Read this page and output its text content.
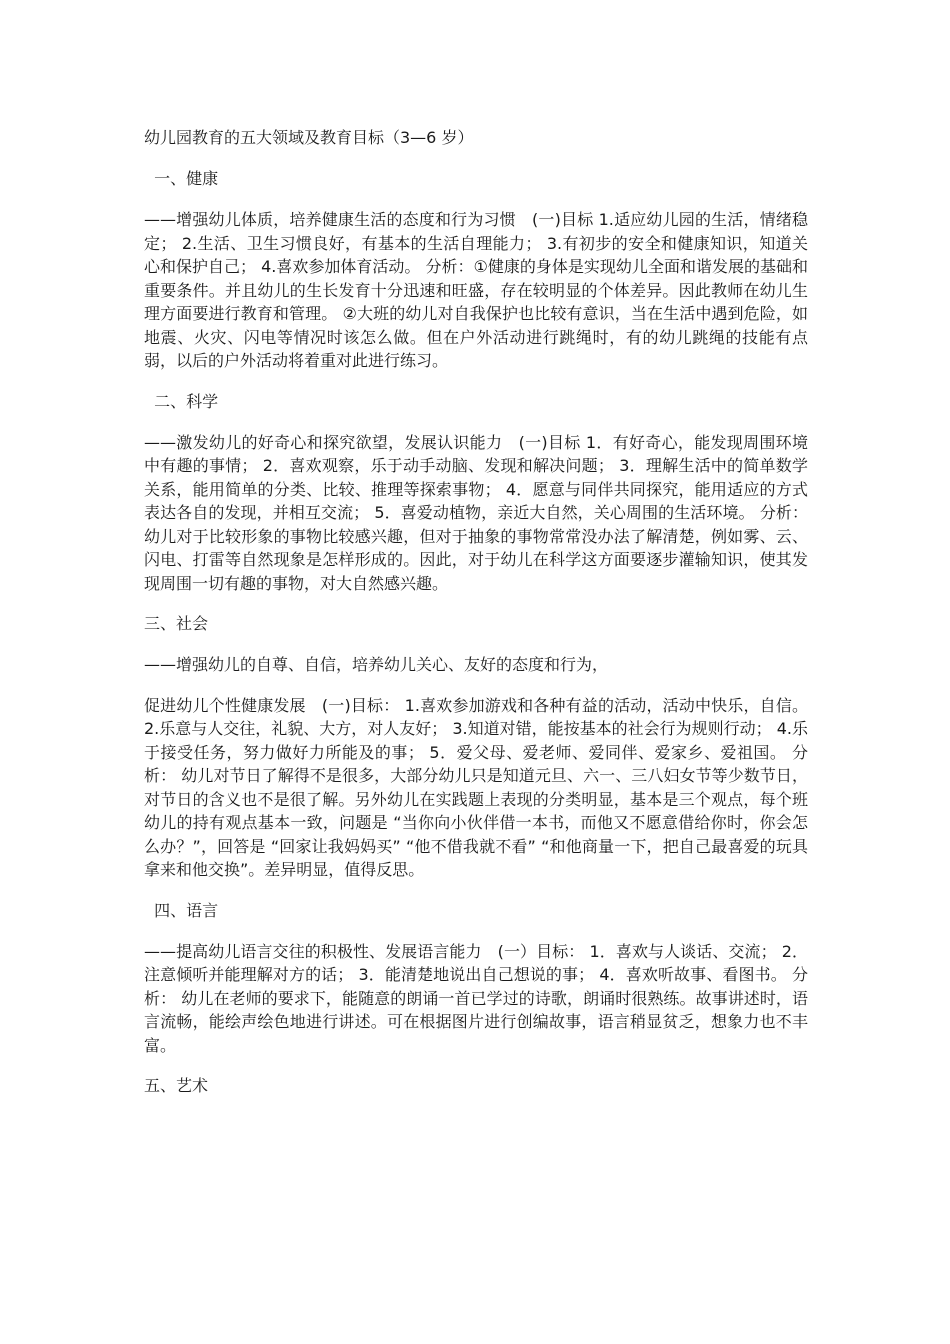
幼儿园教育的五大领域及教育目标（3—6 岁）
一、健康
——增强幼儿体质，培养健康生活的态度和行为习惯　(一)目标 1.适应幼儿园的生活，情绪稳定； 2.生活、卫生习惯良好，有基本的生活自理能力； 3.有初步的安全和健康知识，知道关心和保护自己； 4.喜欢参加体育活动。 分析：①健康的身体是实现幼儿全面和谐发展的基础和重要条件。并且幼儿的生长发育十分迅速和旺盛，存在较明显的个体差异。因此教师在幼儿生理方面要进行教育和管理。 ②大班的幼儿对自我保护也比较有意识，当在生活中遇到危险，如地震、火灾、闪电等情况时该怎么做。但在户外活动进行跳绳时，有的幼儿跳绳的技能有点弱，以后的户外活动将着重对此进行练习。
二、科学
——激发幼儿的好奇心和探究欲望，发展认识能力　(一)目标 1．有好奇心，能发现周围环境中有趣的事情； 2．喜欢观察，乐于动手动脑、发现和解决问题； 3．理解生活中的简单数学关系，能用简单的分类、比较、推理等探索事物； 4．愿意与同伴共同探究，能用适应的方式表达各自的发现，并相互交流； 5．喜爱动植物，亲近大自然，关心周围的生活环境。 分析：幼儿对于比较形象的事物比较感兴趣，但对于抽象的事物常常没办法了解清楚，例如雾、云、闪电、打雷等自然现象是怎样形成的。因此，对于幼儿在科学这方面要逐步灌输知识，使其发现周围一切有趣的事物，对大自然感兴趣。
三、社会
——增强幼儿的自尊、自信，培养幼儿关心、友好的态度和行为，
促进幼儿个性健康发展　(一)目标： 1.喜欢参加游戏和各种有益的活动，活动中快乐，自信。2.乐意与人交往，礼貌、大方，对人友好； 3.知道对错，能按基本的社会行为规则行动； 4.乐于接受任务，努力做好力所能及的事； 5．爱父母、爱老师、爱同伴、爱家乡、爱祖国。 分析： 幼儿对节日了解得不是很多，大部分幼儿只是知道元旦、六一、三八妇女节等少数节日，对节日的含义也不是很了解。另外幼儿在实践题上表现的分类明显，基本是三个观点，每个班幼儿的持有观点基本一致，问题是 “当你向小伙伴借一本书，而他又不愿意借给你时，你会怎么办？”，回答是 “回家让我妈妈买” “他不借我就不看” “和他商量一下，把自己最喜爱的玩具拿来和他交换”。差异明显，值得反思。
四、语言
——提高幼儿语言交往的积极性、发展语言能力　(一）目标： 1．喜欢与人谈话、交流； 2．注意倾听并能理解对方的话； 3．能清楚地说出自己想说的事； 4．喜欢听故事、看图书。 分析： 幼儿在老师的要求下，能随意的朗诵一首已学过的诗歌，朗诵时很熟练。故事讲述时，语言流畅，能绘声绘色地进行讲述。可在根据图片进行创编故事，语言稍显贫乏，想象力也不丰富。
五、艺术
